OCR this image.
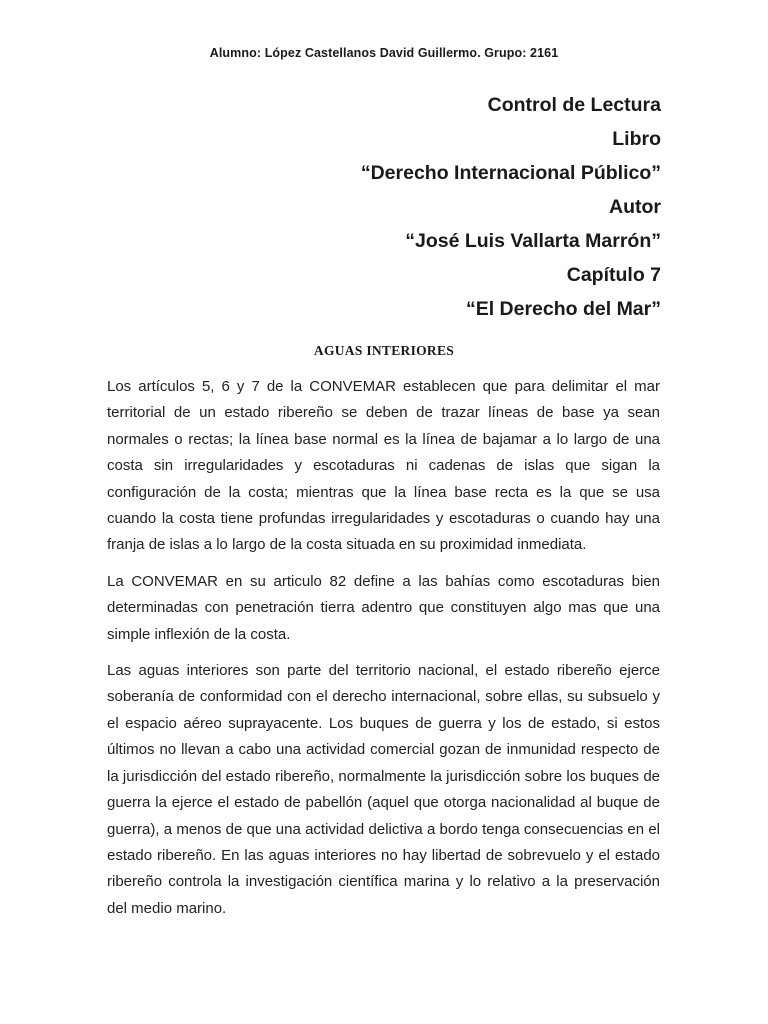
Alumno: López Castellanos David Guillermo. Grupo: 2161
Control de Lectura
Libro
“Derecho Internacional Público”
Autor
“José Luis Vallarta Marrón”
Capítulo 7
“El Derecho del Mar”
AGUAS INTERIORES

Los artículos 5, 6 y 7 de la CONVEMAR establecen que para delimitar el mar territorial de un estado ribereño se deben de trazar líneas de base ya sean normales o rectas; la línea base normal es la línea de bajamar a lo largo de una costa sin irregularidades y escotaduras ni cadenas de islas que sigan la configuración de la costa; mientras que la línea base recta es la que se usa cuando la costa tiene profundas irregularidades y escotaduras o cuando hay una franja de islas a lo largo de la costa situada en su proximidad inmediata.

La CONVEMAR en su articulo 82 define a las bahías como escotaduras bien determinadas con penetración tierra adentro que constituyen algo mas que una simple inflexión de la costa.

Las aguas interiores son parte del territorio nacional, el estado ribereño ejerce soberanía de conformidad con el derecho internacional, sobre ellas, su subsuelo y el espacio aéreo suprayacente. Los buques de guerra y los de estado, si estos últimos no llevan a cabo una actividad comercial gozan de inmunidad respecto de la jurisdicción del estado ribereño, normalmente la jurisdicción sobre los buques de guerra la ejerce el estado de pabellón (aquel que otorga nacionalidad al buque de guerra), a menos de que una actividad delictiva a bordo tenga consecuencias en el estado ribereño. En las aguas interiores no hay libertad de sobrevuelo y el estado ribereño controla la investigación científica marina y lo relativo a la preservación del medio marino.
